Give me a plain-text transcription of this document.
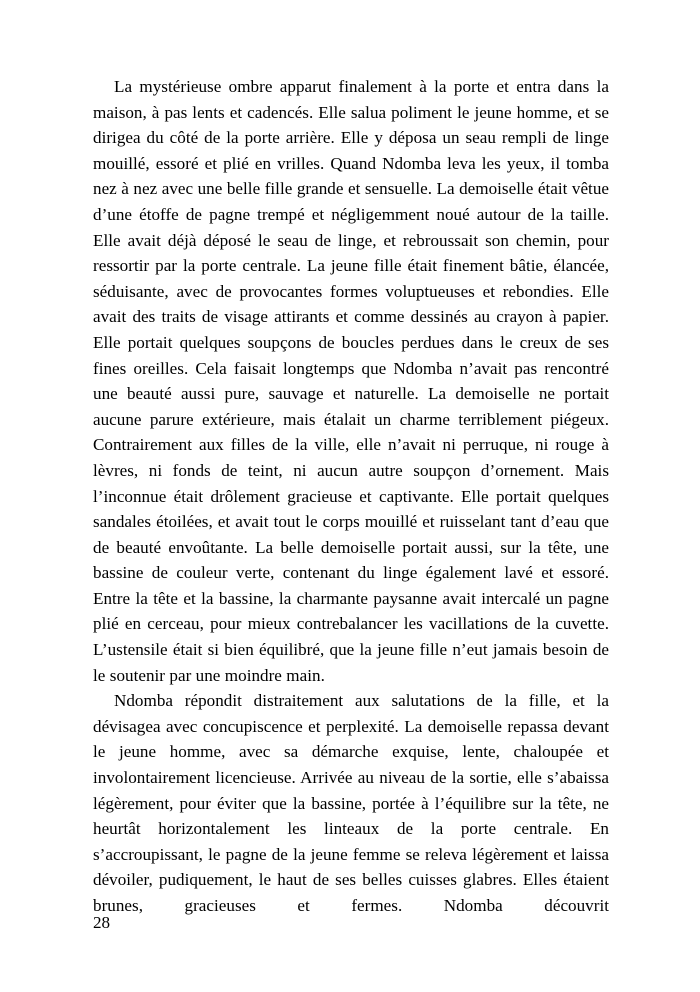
La mystérieuse ombre apparut finalement à la porte et entra dans la maison, à pas lents et cadencés. Elle salua poliment le jeune homme, et se dirigea du côté de la porte arrière. Elle y déposa un seau rempli de linge mouillé, essoré et plié en vrilles. Quand Ndomba leva les yeux, il tomba nez à nez avec une belle fille grande et sensuelle. La demoiselle était vêtue d’une étoffe de pagne trempé et négligemment noué autour de la taille. Elle avait déjà déposé le seau de linge, et rebroussait son chemin, pour ressortir par la porte centrale. La jeune fille était finement bâtie, élancée, séduisante, avec de provocantes formes voluptueuses et rebondies. Elle avait des traits de visage attirants et comme dessinés au crayon à papier. Elle portait quelques soupçons de boucles perdues dans le creux de ses fines oreilles. Cela faisait longtemps que Ndomba n’avait pas rencontré une beauté aussi pure, sauvage et naturelle. La demoiselle ne portait aucune parure extérieure, mais étalait un charme terriblement piégeux. Contrairement aux filles de la ville, elle n’avait ni perruque, ni rouge à lèvres, ni fonds de teint, ni aucun autre soupçon d’ornement. Mais l’inconnue était drôlement gracieuse et captivante. Elle portait quelques sandales étoilées, et avait tout le corps mouillé et ruisselant tant d’eau que de beauté envoûtante. La belle demoiselle portait aussi, sur la tête, une bassine de couleur verte, contenant du linge également lavé et essoré. Entre la tête et la bassine, la charmante paysanne avait intercalé un pagne plié en cerceau, pour mieux contrebalancer les vacillations de la cuvette. L’ustensile était si bien équilibré, que la jeune fille n’eut jamais besoin de le soutenir par une moindre main.

Ndomba répondit distraitement aux salutations de la fille, et la dévisagea avec concupiscence et perplexité. La demoiselle repassa devant le jeune homme, avec sa démarche exquise, lente, chaloupée et involontairement licencieuse. Arrivée au niveau de la sortie, elle s’abaissa légèrement, pour éviter que la bassine, portée à l’équilibre sur la tête, ne heurtât horizontalement les linteaux de la porte centrale. En s’accroupissant, le pagne de la jeune femme se releva légèrement et laissa dévoiler, pudiquement, le haut de ses belles cuisses glabres. Elles étaient brunes, gracieuses et fermes. Ndomba découvrit

28
